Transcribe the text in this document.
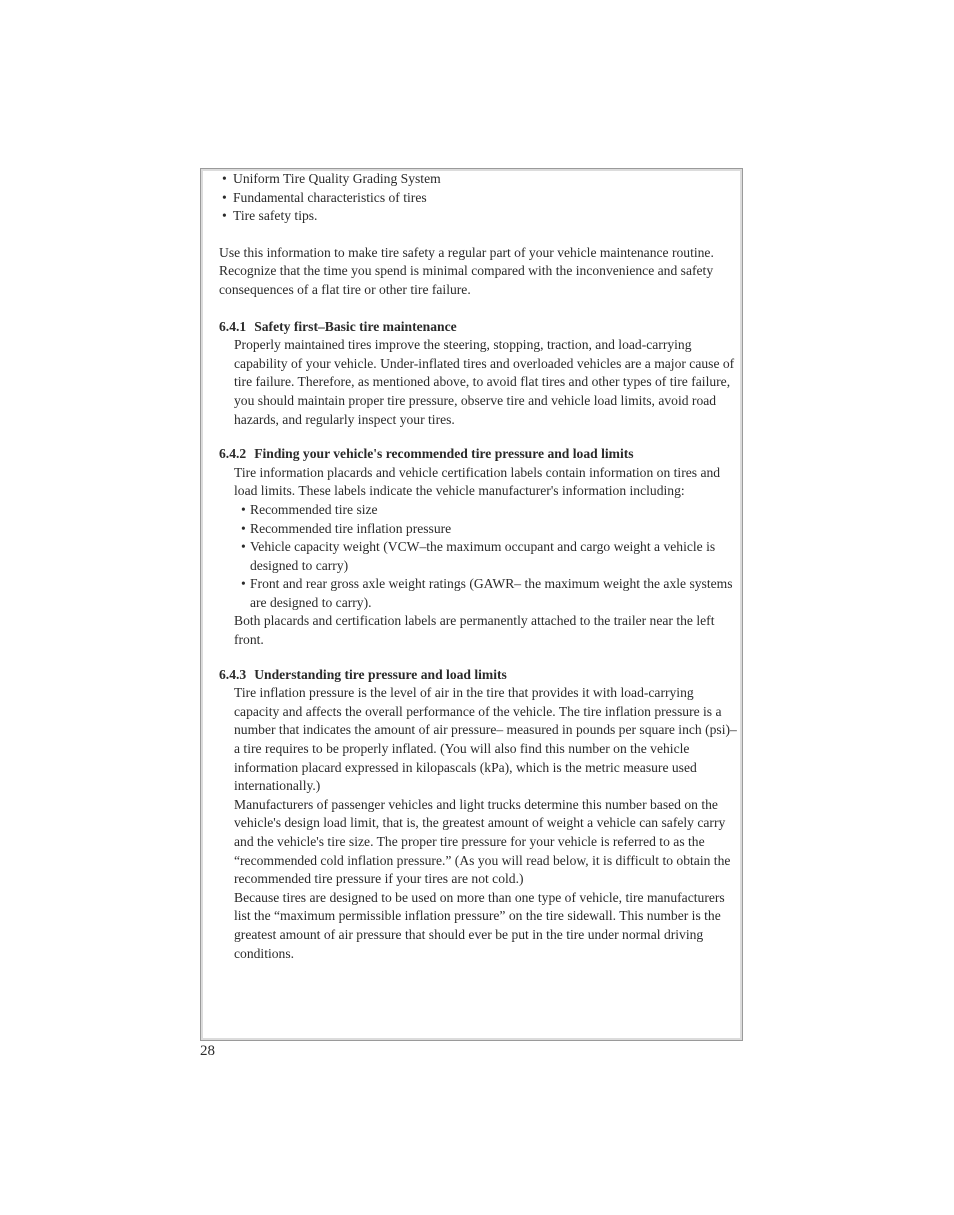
• Uniform Tire Quality Grading System
• Fundamental characteristics of tires
• Tire safety tips.

Use this information to make tire safety a regular part of your vehicle maintenance routine. Recognize that the time you spend is minimal compared with the inconvenience and safety consequences of a flat tire or other tire failure.

6.4.1 Safety first–Basic tire maintenance

Properly maintained tires improve the steering, stopping, traction, and load-carrying capability of your vehicle. Under-inflated tires and overloaded vehicles are a major cause of tire failure. Therefore, as mentioned above, to avoid flat tires and other types of tire failure, you should maintain proper tire pressure, observe tire and vehicle load limits, avoid road hazards, and regularly inspect your tires.

6.4.2 Finding your vehicle's recommended tire pressure and load limits

Tire information placards and vehicle certification labels contain information on tires and load limits. These labels indicate the vehicle manufacturer's information including:

• Recommended tire size
• Recommended tire inflation pressure
• Vehicle capacity weight (VCW–the maximum occupant and cargo weight a vehicle is designed to carry)
• Front and rear gross axle weight ratings (GAWR– the maximum weight the axle systems are designed to carry).

Both placards and certification labels are permanently attached to the trailer near the left front.

6.4.3 Understanding tire pressure and load limits

Tire inflation pressure is the level of air in the tire that provides it with load-carrying capacity and affects the overall performance of the vehicle. The tire inflation pressure is a number that indicates the amount of air pressure– measured in pounds per square inch (psi)–a tire requires to be properly inflated. (You will also find this number on the vehicle information placard expressed in kilopascals (kPa), which is the metric measure used internationally.)

Manufacturers of passenger vehicles and light trucks determine this number based on the vehicle's design load limit, that is, the greatest amount of weight a vehicle can safely carry and the vehicle's tire size. The proper tire pressure for your vehicle is referred to as the “recommended cold inflation pressure.” (As you will read below, it is difficult to obtain the recommended tire pressure if your tires are not cold.)

Because tires are designed to be used on more than one type of vehicle, tire manufacturers list the “maximum permissible inflation pressure” on the tire sidewall. This number is the greatest amount of air pressure that should ever be put in the tire under normal driving conditions.

28
